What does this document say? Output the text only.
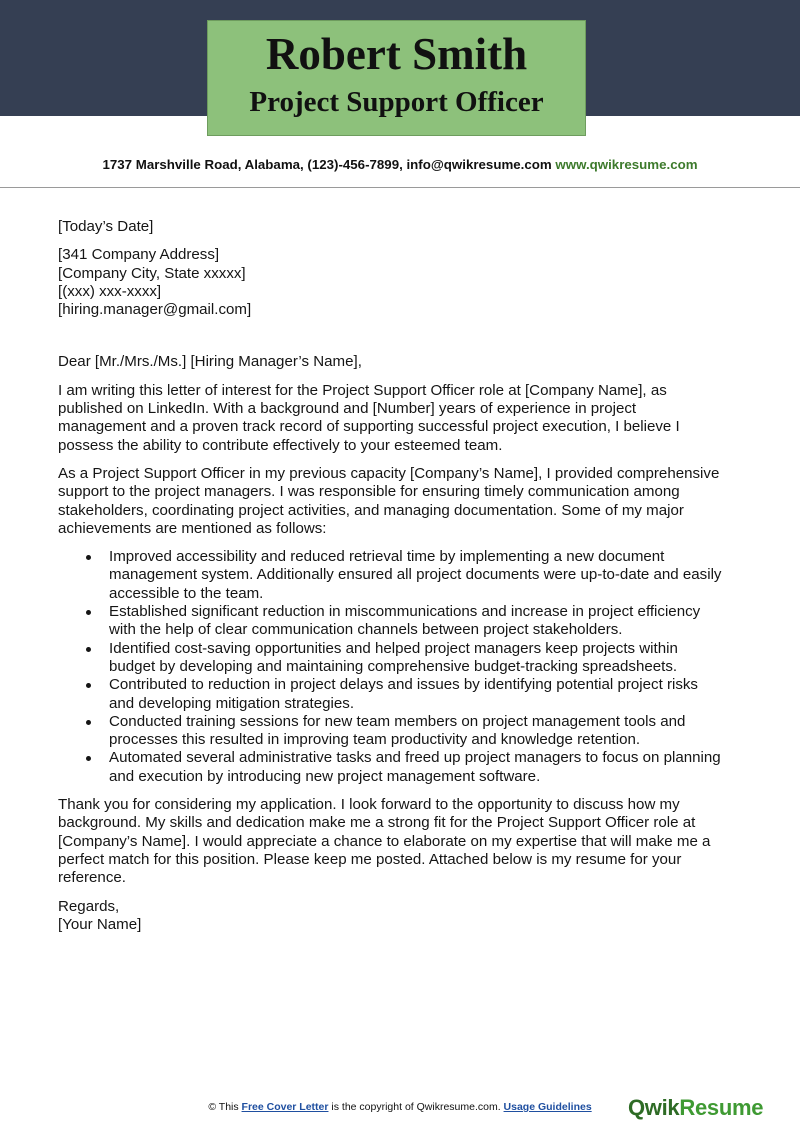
Robert Smith
Project Support Officer
1737 Marshville Road, Alabama, (123)-456-7899, info@qwikresume.com www.qwikresume.com
[Today’s Date]
[341 Company Address]
[Company City, State xxxxx]
[(xxx) xxx-xxxx]
[hiring.manager@gmail.com]

Dear [Mr./Mrs./Ms.] [Hiring Manager’s Name],

I am writing this letter of interest for the Project Support Officer role at [Company Name], as
published on LinkedIn. With a background and [Number] years of experience in project
management and a proven track record of supporting successful project execution, I believe I
possess the ability to contribute effectively to your esteemed team.

As a Project Support Officer in my previous capacity [Company’s Name], I provided comprehensive
support to the project managers. I was responsible for ensuring timely communication among
stakeholders, coordinating project activities, and managing documentation. Some of my major
achievements are mentioned as follows:

Improved accessibility and reduced retrieval time by implementing a new document
management system. Additionally ensured all project documents were up-to-date and easily
accessible to the team.
Established significant reduction in miscommunications and increase in project efficiency
with the help of clear communication channels between project stakeholders.
Identified cost-saving opportunities and helped project managers keep projects within
budget by developing and maintaining comprehensive budget-tracking spreadsheets.
Contributed to reduction in project delays and issues by identifying potential project risks
and developing mitigation strategies.
Conducted training sessions for new team members on project management tools and
processes this resulted in improving team productivity and knowledge retention.
Automated several administrative tasks and freed up project managers to focus on planning
and execution by introducing new project management software.

Thank you for considering my application. I look forward to the opportunity to discuss how my
background. My skills and dedication make me a strong fit for the Project Support Officer role at
[Company’s Name]. I would appreciate a chance to elaborate on my expertise that will make me a
perfect match for this position. Please keep me posted. Attached below is my resume for your
reference.

Regards,
[Your Name]
© This Free Cover Letter is the copyright of Qwikresume.com. Usage Guidelines	QwikResume
